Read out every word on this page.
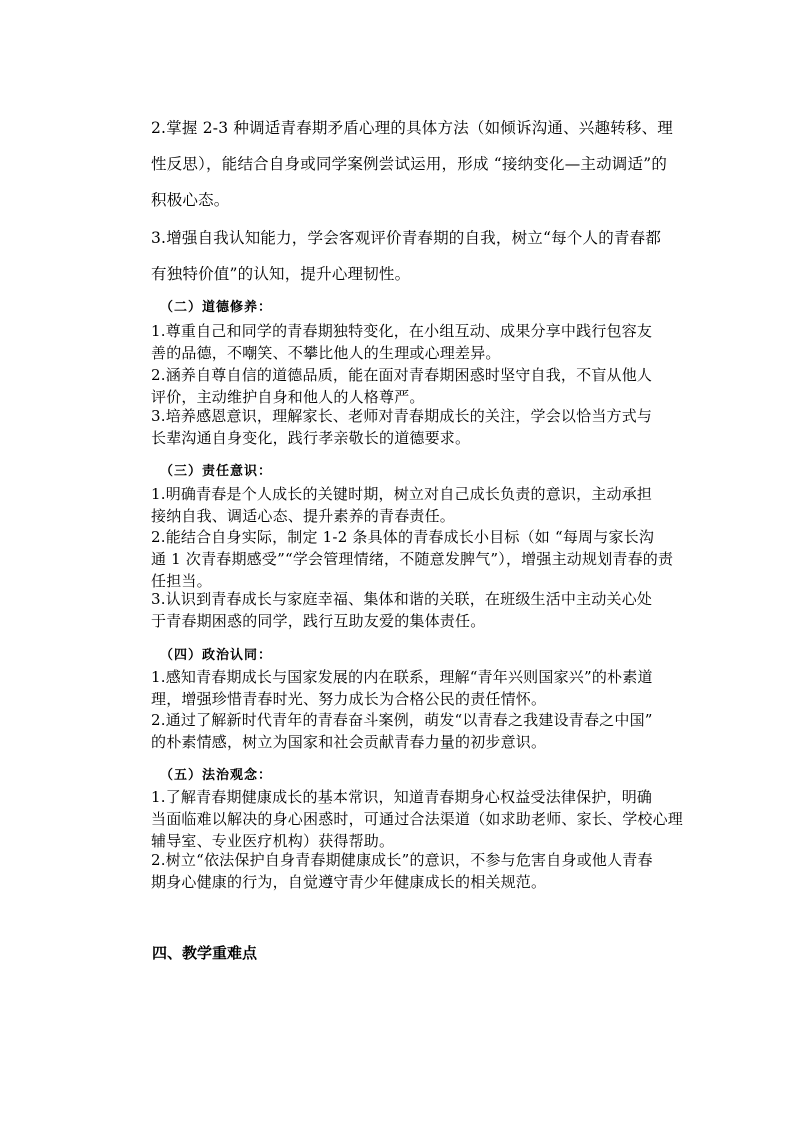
2.掌握 2-3 种调适青春期矛盾心理的具体方法（如倾诉沟通、兴趣转移、理
性反思），能结合自身或同学案例尝试运用，形成 “接纳变化—主动调适”的
积极心态。

3.增强自我认知能力，学会客观评价青春期的自我，树立“每个人的青春都
有独特价值”的认知，提升心理韧性。

（二）道德修养：

1.尊重自己和同学的青春期独特变化，在小组互动、成果分享中践行包容友
善的品德，不嘲笑、不攀比他人的生理或心理差异。

2.涵养自尊自信的道德品质，能在面对青春期困惑时坚守自我，不盲从他人
评价，主动维护自身和他人的人格尊严。

3.培养感恩意识，理解家长、老师对青春期成长的关注，学会以恰当方式与
长辈沟通自身变化，践行孝亲敬长的道德要求。

（三）责任意识：

1.明确青春是个人成长的关键时期，树立对自己成长负责的意识，主动承担
接纳自我、调适心态、提升素养的青春责任。

2.能结合自身实际，制定 1-2 条具体的青春成长小目标（如 “每周与家长沟
通 1 次青春期感受”“学会管理情绪，不随意发脾气”），增强主动规划青春的责
任担当。

3.认识到青春成长与家庭幸福、集体和谐的关联，在班级生活中主动关心处
于青春期困惑的同学，践行互助友爱的集体责任。

（四）政治认同：

1.感知青春期成长与国家发展的内在联系，理解“青年兴则国家兴”的朴素道
理，增强珍惜青春时光、努力成长为合格公民的责任情怀。

2.通过了解新时代青年的青春奋斗案例，萌发“以青春之我建设青春之中国”
的朴素情感，树立为国家和社会贡献青春力量的初步意识。

（五）法治观念：

1.了解青春期健康成长的基本常识，知道青春期身心权益受法律保护，明确
当面临难以解决的身心困惑时，可通过合法渠道（如求助老师、家长、学校心理
辅导室、专业医疗机构）获得帮助。

2.树立“依法保护自身青春期健康成长”的意识，不参与危害自身或他人青春
期身心健康的行为，自觉遵守青少年健康成长的相关规范。

四、教学重难点
